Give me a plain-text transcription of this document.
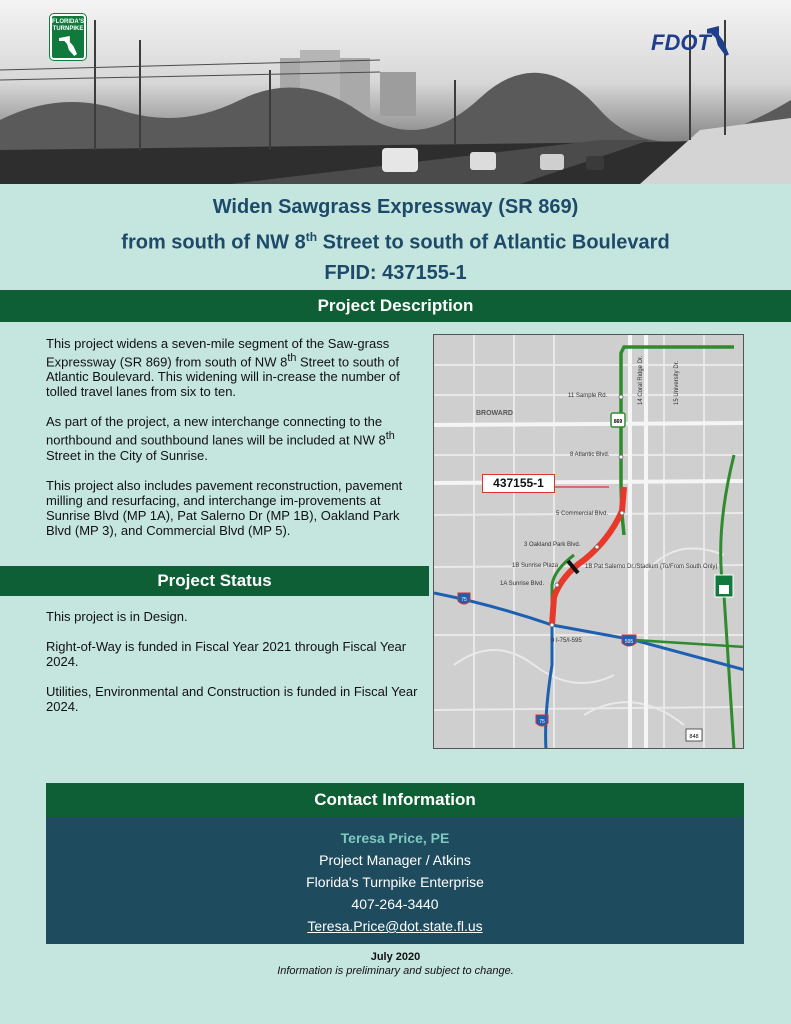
FLORIDA'S TURNPIKE
FDOT
Widen Sawgrass Expressway (SR 869)
from south of NW 8th Street to south of Atlantic Boulevard
FPID: 437155-1
Project Description

This project widens a seven-mile segment of the Saw-grass Expressway (SR 869) from south of NW 8th Street to south of Atlantic Boulevard. This widening will in-crease the number of tolled travel lanes from six to ten.

As part of the project, a new interchange connecting to the northbound and southbound lanes will be included at NW 8th Street in the City of Sunrise.

This project also includes pavement reconstruction, pavement milling and resurfacing, and interchange im-provements at Sunrise Blvd (MP 1A), Pat Salerno Dr (MP 1B), Oakland Park Blvd (MP 3), and Commercial Blvd (MP 5).

Project Status

This project is in Design.

Right-of-Way is funded in Fiscal Year 2021 through Fiscal Year 2024.

Utilities, Environmental and Construction is funded in Fiscal Year 2024.

11 Sample Rd.
8 Atlantic Blvd.
5 Commercial Blvd.
3 Oakland Park Blvd.
1B Sunrise Plaza	1B Pat Salerno Dr./Stadium (To/From South Only)
1A Sunrise Blvd.
0 I-75/I-595
14 Coral Ridge Dr.	15 University Dr.
BROWARD
869
75
595
75
848
437155-1
Contact Information
Teresa Price, PE
Project Manager / Atkins
Florida's Turnpike Enterprise
407-264-3440
Teresa.Price@dot.state.fl.us
July 2020
Information is preliminary and subject to change.
